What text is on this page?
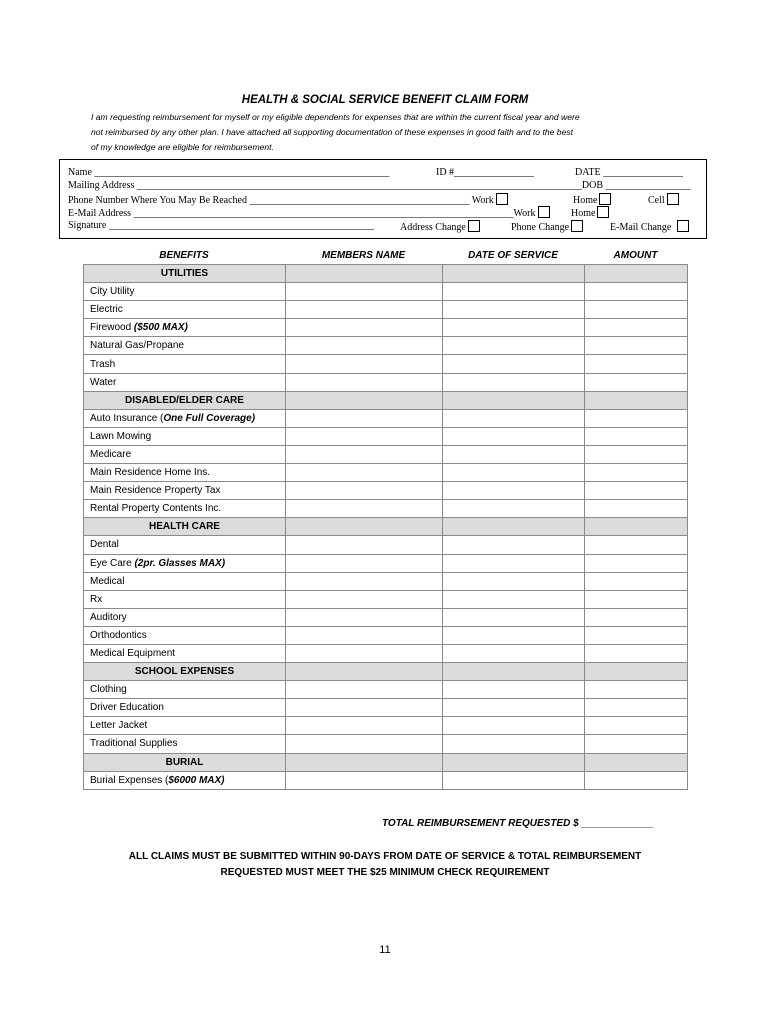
HEALTH & SOCIAL SERVICE BENEFIT CLAIM FORM
I am requesting reimbursement for myself or my eligible dependents for expenses that are within the current fiscal year and were
not reimbursed by any other plan. I have attached all supporting documentation of these expenses in good faith and to the best
of my knowledge are eligible for reimbursement.
Name ___________________________________________________________	ID #________________	DATE ________________
Mailing Address _________________________________________________________________________________________DOB _________________
Phone Number Where You May Be Reached ____________________________________________ Work	Home	Cell
E-Mail Address ____________________________________________________________________________Work	Home
Signature _____________________________________________________	Address Change	Phone Change	E-Mail Change
BENEFITS	MEMBERS NAME	DATE OF SERVICE	AMOUNT
UTILITIES			
City Utility			
Electric			
Firewood ($500 MAX)			
Natural Gas/Propane			
Trash			
Water			
DISABLED/ELDER CARE			
Auto Insurance (One Full Coverage)			
Lawn Mowing			
Medicare			
Main Residence Home Ins.			
Main Residence Property Tax			
Rental Property Contents Inc.			
HEALTH CARE			
Dental			
Eye Care (2pr. Glasses MAX)			
Medical			
Rx			
Auditory			
Orthodontics			
Medical Equipment			
SCHOOL EXPENSES			
Clothing			
Driver Education			
Letter Jacket			
Traditional Supplies			
BURIAL			
Burial Expenses ($6000 MAX)			
TOTAL REIMBURSEMENT REQUESTED $ _____________
ALL CLAIMS MUST BE SUBMITTED WITHIN 90-DAYS FROM DATE OF SERVICE & TOTAL REIMBURSEMENT
REQUESTED MUST MEET THE $25 MINIMUM CHECK REQUIREMENT
11
